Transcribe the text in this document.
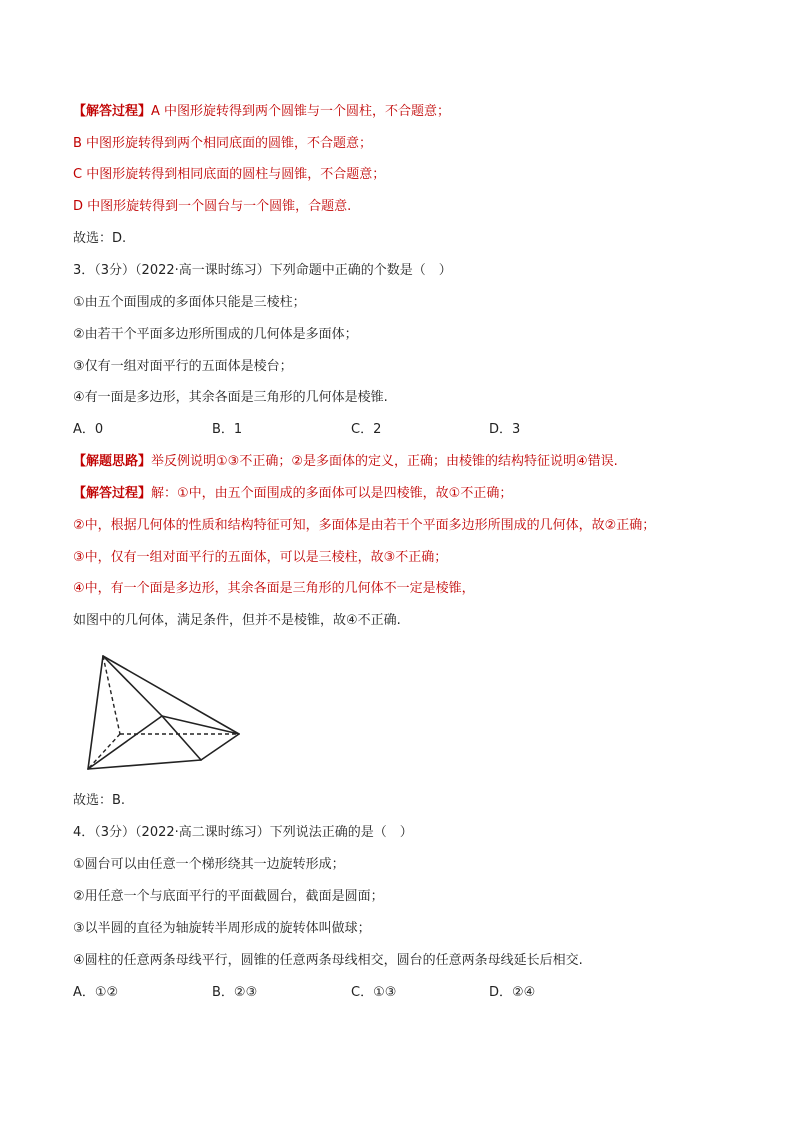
【解答过程】A 中图形旋转得到两个圆锥与一个圆柱，不合题意；
B 中图形旋转得到两个相同底面的圆锥，不合题意；
C 中图形旋转得到相同底面的圆柱与圆锥，不合题意；
D 中图形旋转得到一个圆台与一个圆锥，合题意.
故选：D.
3．（3分）（2022·高一课时练习）下列命题中正确的个数是（　）
①由五个面围成的多面体只能是三棱柱；
②由若干个平面多边形所围成的几何体是多面体；
③仅有一组对面平行的五面体是棱台；
④有一面是多边形，其余各面是三角形的几何体是棱锥.
A．0	B．1	C．2	D．3
【解题思路】举反例说明①③不正确；②是多面体的定义，正确；由棱锥的结构特征说明④错误.
【解答过程】解：①中，由五个面围成的多面体可以是四棱锥，故①不正确；
②中，根据几何体的性质和结构特征可知，多面体是由若干个平面多边形所围成的几何体，故②正确；
③中，仅有一组对面平行的五面体，可以是三棱柱，故③不正确；
④中，有一个面是多边形，其余各面是三角形的几何体不一定是棱锥，
如图中的几何体，满足条件，但并不是棱锥，故④不正确.
故选：B.
4．（3分）（2022·高二课时练习）下列说法正确的是（　）
①圆台可以由任意一个梯形绕其一边旋转形成；
②用任意一个与底面平行的平面截圆台，截面是圆面；
③以半圆的直径为轴旋转半周形成的旋转体叫做球；
④圆柱的任意两条母线平行，圆锥的任意两条母线相交，圆台的任意两条母线延长后相交.
A．①②	B．②③	C．①③	D．②④
